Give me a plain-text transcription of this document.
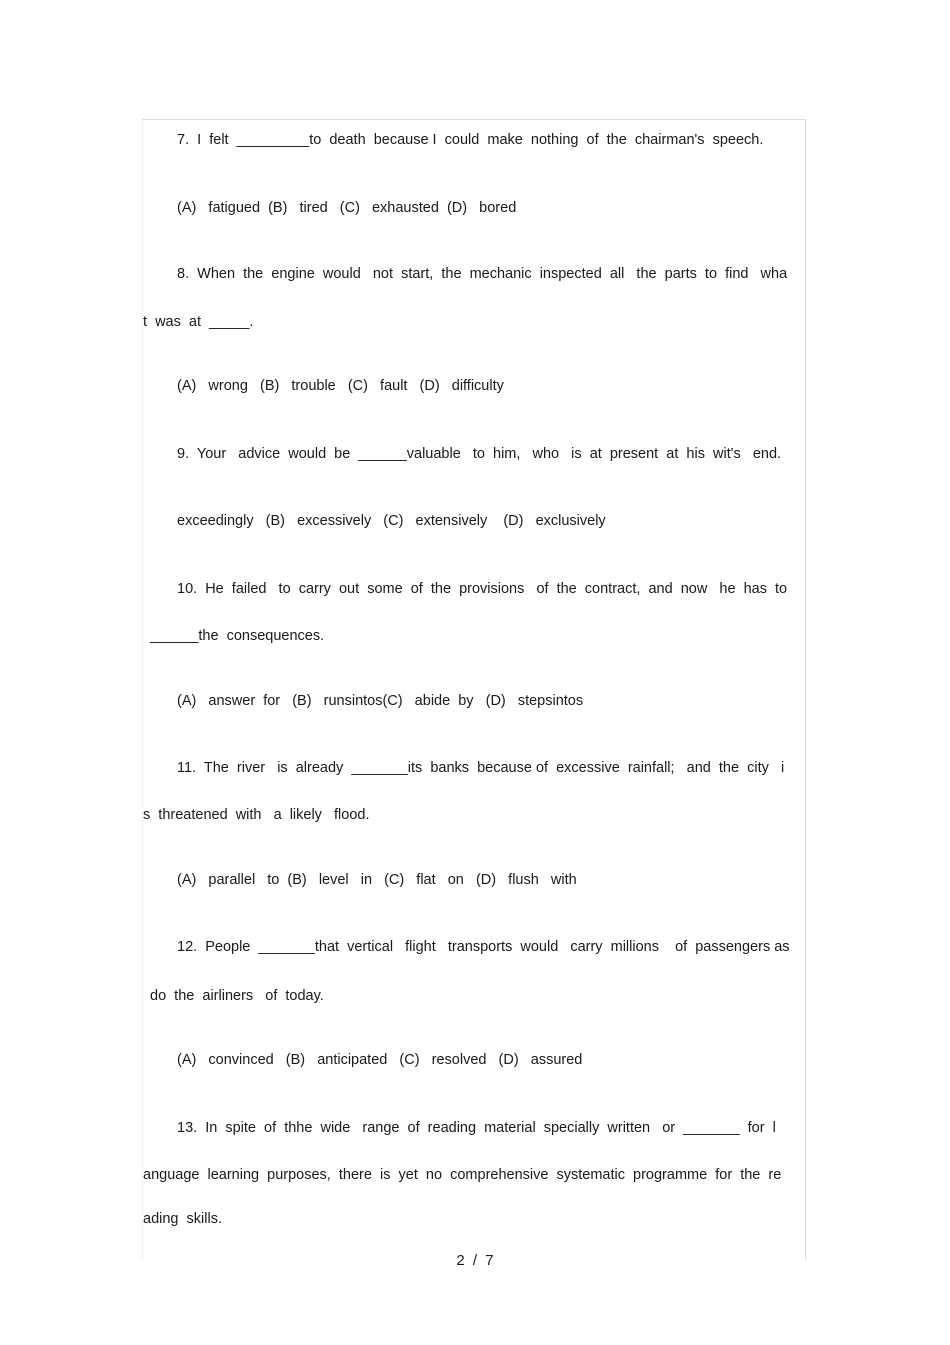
7.  I  felt  _________to  death  because I  could  make  nothing  of  the  chairman's  speech.
(A)   fatigued  (B)   tired   (C)   exhausted  (D)   bored
8.  When  the  engine  would   not  start,  the  mechanic  inspected  all   the  parts  to  find   wha
t  was  at  _____.
(A)   wrong   (B)   trouble   (C)   fault   (D)   difficulty
9.  Your   advice  would  be  ______valuable   to  him,   who   is  at  present  at  his  wit's   end.
exceedingly   (B)   excessively   (C)   extensively    (D)   exclusively
10.  He  failed   to  carry  out  some  of  the  provisions   of  the  contract,  and  now   he  has  to
______the  consequences.
(A)   answer  for   (B)   runsintos(C)   abide  by   (D)   stepsintos
11.  The  river   is  already  _______its  banks  because of  excessive  rainfall;   and  the  city   i
s  threatened  with   a  likely   flood.
(A)   parallel   to  (B)   level   in   (C)   flat   on   (D)   flush   with
12.  People  _______that  vertical   flight   transports  would   carry  millions    of  passengers as
do  the  airliners   of  today.
(A)   convinced   (B)   anticipated   (C)   resolved   (D)   assured
13.  In  spite  of  thhe  wide   range  of  reading  material  specially  written   or  _______  for  l
anguage  learning  purposes,  there  is  yet  no  comprehensive  systematic  programme  for  the  re
ading  skills.
2 / 7
